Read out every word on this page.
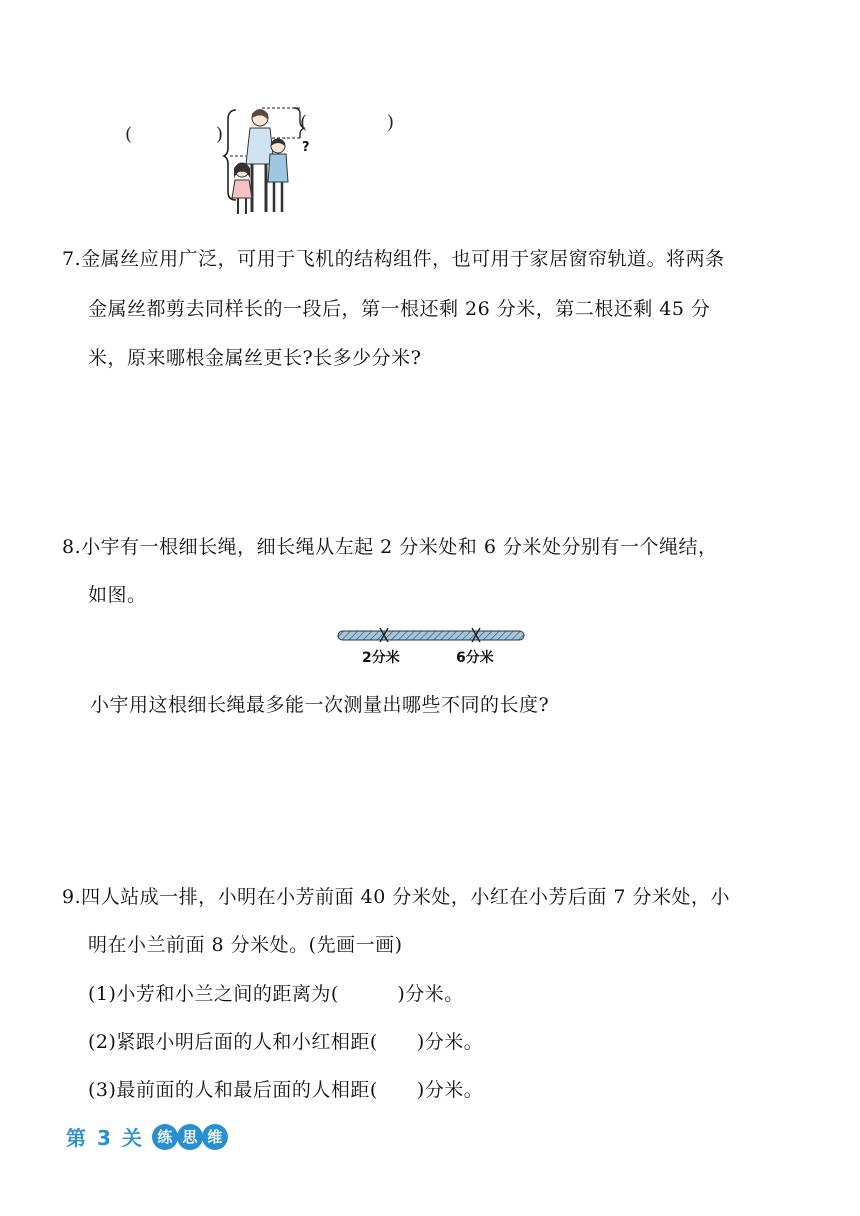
(	)
(	)
?
7.金属丝应用广泛，可用于飞机的结构组件，也可用于家居窗帘轨道。将两条
金属丝都剪去同样长的一段后，第一根还剩 26 分米，第二根还剩 45 分
米，原来哪根金属丝更长?长多少分米?
8.小宇有一根细长绳，细长绳从左起 2 分米处和 6 分米处分别有一个绳结，
如图。
2分米	6分米
小宇用这根细长绳最多能一次测量出哪些不同的长度?
9.四人站成一排，小明在小芳前面 40 分米处，小红在小芳后面 7 分米处，小
明在小兰前面 8 分米处。(先画一画)
(1)小芳和小兰之间的距离为(　　　)分米。
(2)紧跟小明后面的人和小红相距(　　)分米。
(3)最前面的人和最后面的人相距(　　)分米。
第 3 关 练 思 维
